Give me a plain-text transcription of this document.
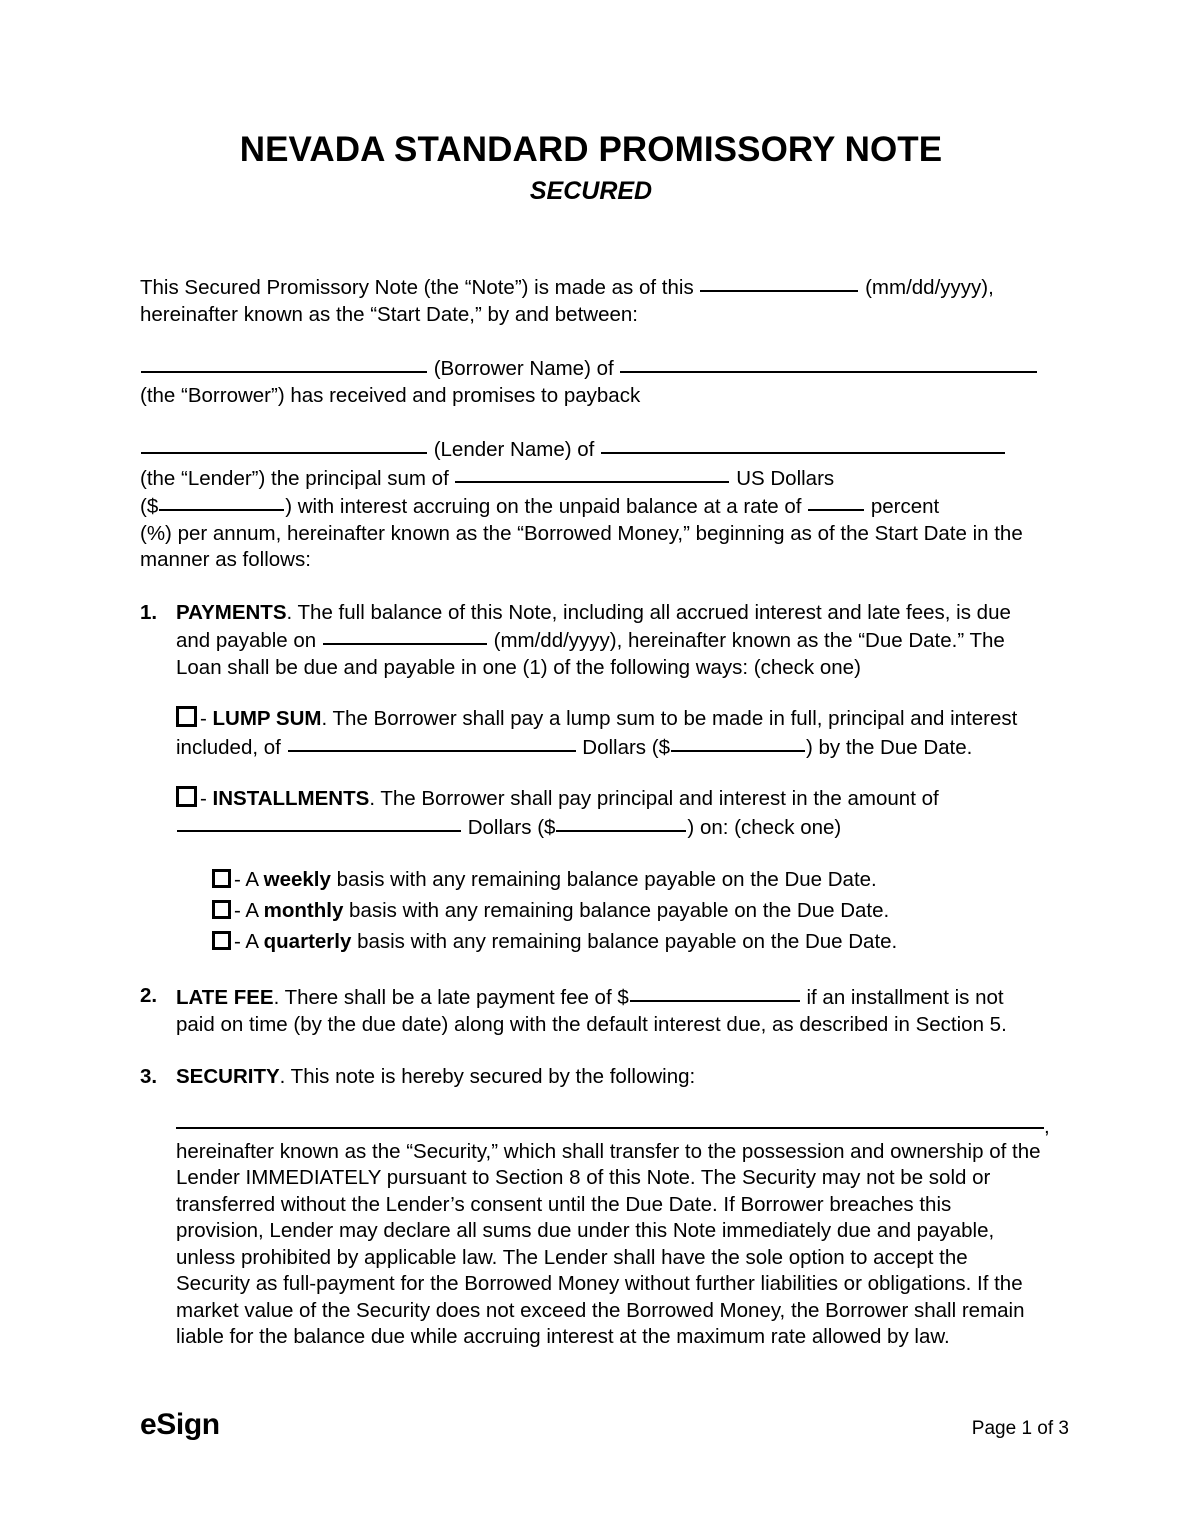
NEVADA STANDARD PROMISSORY NOTE
SECURED

This Secured Promissory Note (the “Note”) is made as of this	(mm/dd/yyyy), hereinafter known as the “Start Date,” by and between:

(Borrower Name) of
(the “Borrower”) has received and promises to payback

(Lender Name) of
(the “Lender”) the principal sum of	US Dollars
($	) with interest accruing on the unpaid balance at a rate of	percent
(%) per annum, hereinafter known as the “Borrowed Money,” beginning as of the Start Date in the manner as follows:

1. PAYMENTS. The full balance of this Note, including all accrued interest and late fees, is due and payable on	(mm/dd/yyyy), hereinafter known as the “Due Date.” The Loan shall be due and payable in one (1) of the following ways: (check one)
- LUMP SUM. The Borrower shall pay a lump sum to be made in full, principal and interest included, of	Dollars ($	) by the Due Date.
- INSTALLMENTS. The Borrower shall pay principal and interest in the amount of  Dollars ($	) on: (check one)
- A weekly basis with any remaining balance payable on the Due Date.
- A monthly basis with any remaining balance payable on the Due Date.
- A quarterly basis with any remaining balance payable on the Due Date.
2. LATE FEE. There shall be a late payment fee of $	if an installment is not paid on time (by the due date) along with the default interest due, as described in Section 5.
3. SECURITY. This note is hereby secured by the following:
,

hereinafter known as the “Security,” which shall transfer to the possession and ownership of the Lender IMMEDIATELY pursuant to Section 8 of this Note. The Security may not be sold or transferred without the Lender’s consent until the Due Date. If Borrower breaches this provision, Lender may declare all sums due under this Note immediately due and payable, unless prohibited by applicable law. The Lender shall have the sole option to accept the Security as full-payment for the Borrowed Money without further liabilities or obligations. If the market value of the Security does not exceed the Borrowed Money, the Borrower shall remain liable for the balance due while accruing interest at the maximum rate allowed by law.

eSign	Page 1 of 3
